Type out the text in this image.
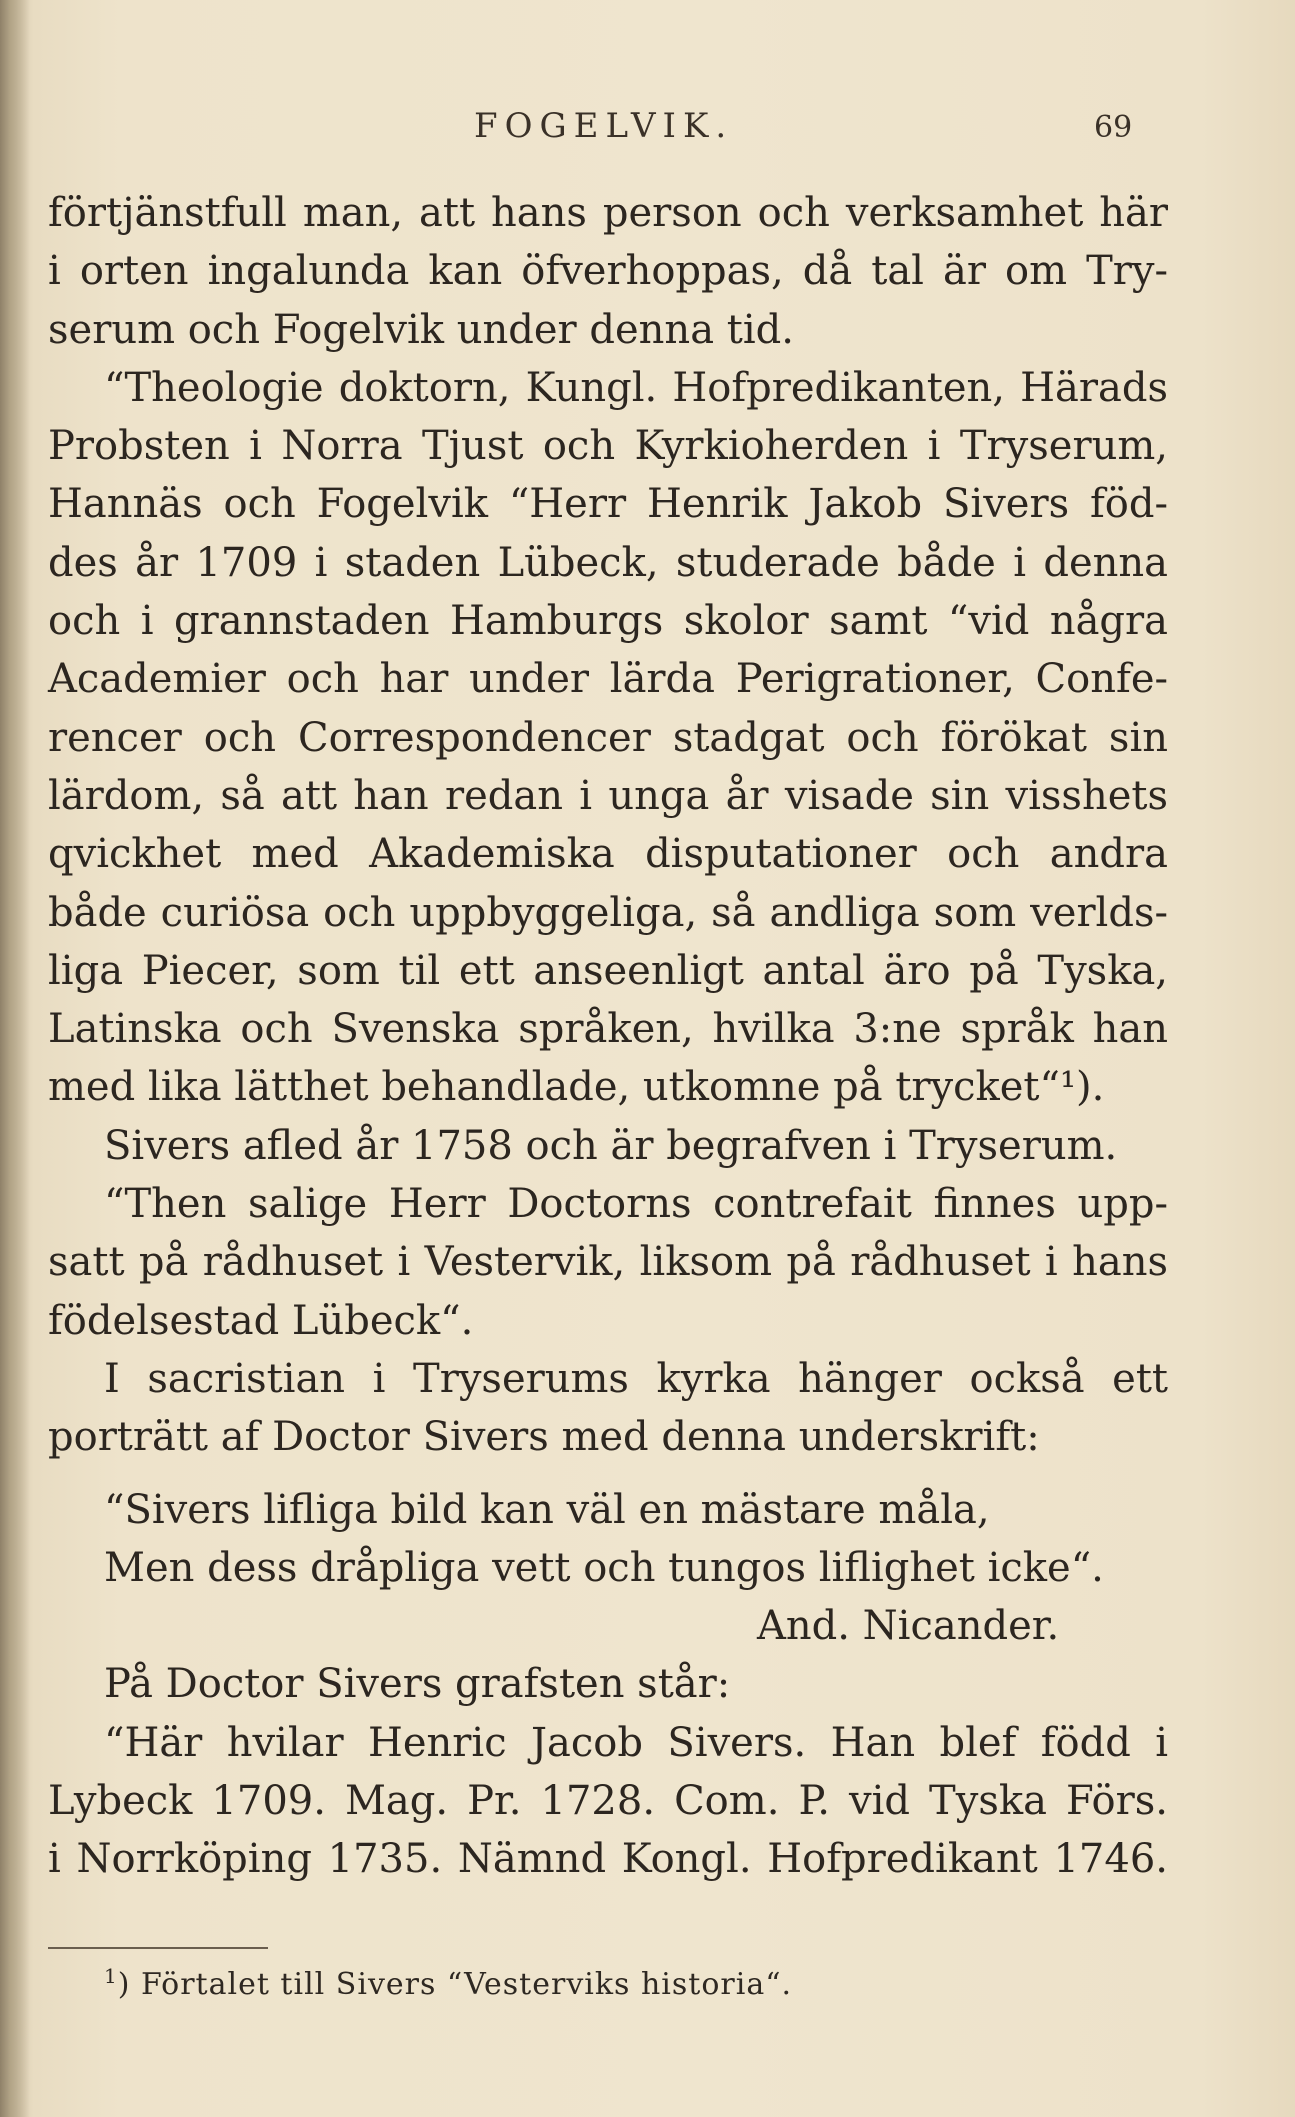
FOGELVIK.	69
förtjänstfull man, att hans person och verksamhet här
i orten ingalunda kan öfverhoppas, då tal är om Try-
serum och Fogelvik under denna tid.
“Theologie doktorn, Kungl. Hofpredikanten, Härads
Probsten i Norra Tjust och Kyrkioherden i Tryserum,
Hannäs och Fogelvik “Herr Henrik Jakob Sivers föd-
des år 1709 i staden Lübeck, studerade både i denna
och i grannstaden Hamburgs skolor samt “vid några
Academier och har under lärda Perigrationer, Confe-
rencer och Correspondencer stadgat och förökat sin
lärdom, så att han redan i unga år visade sin visshets
qvickhet med Akademiska disputationer och andra
både curiösa och uppbyggeliga, så andliga som verlds-
liga Piecer, som til ett anseenligt antal äro på Tyska,
Latinska och Svenska språken, hvilka 3:ne språk han
med lika lätthet behandlade, utkomne på trycket“¹).
Sivers afled år 1758 och är begrafven i Tryserum.
“Then salige Herr Doctorns contrefait finnes upp-
satt på rådhuset i Vestervik, liksom på rådhuset i hans
födelsestad Lübeck“.
I sacristian i Tryserums kyrka hänger också ett
porträtt af Doctor Sivers med denna underskrift:
“Sivers lifliga bild kan väl en mästare måla,
Men dess dråpliga vett och tungos liflighet icke“.
And. Nicander.
På Doctor Sivers grafsten står:
“Här hvilar Henric Jacob Sivers. Han blef född i
Lybeck 1709. Mag. Pr. 1728. Com. P. vid Tyska Förs.
i Norrköping 1735. Nämnd Kongl. Hofpredikant 1746.
$^1$) Förtalet till Sivers “Vesterviks historia“.
